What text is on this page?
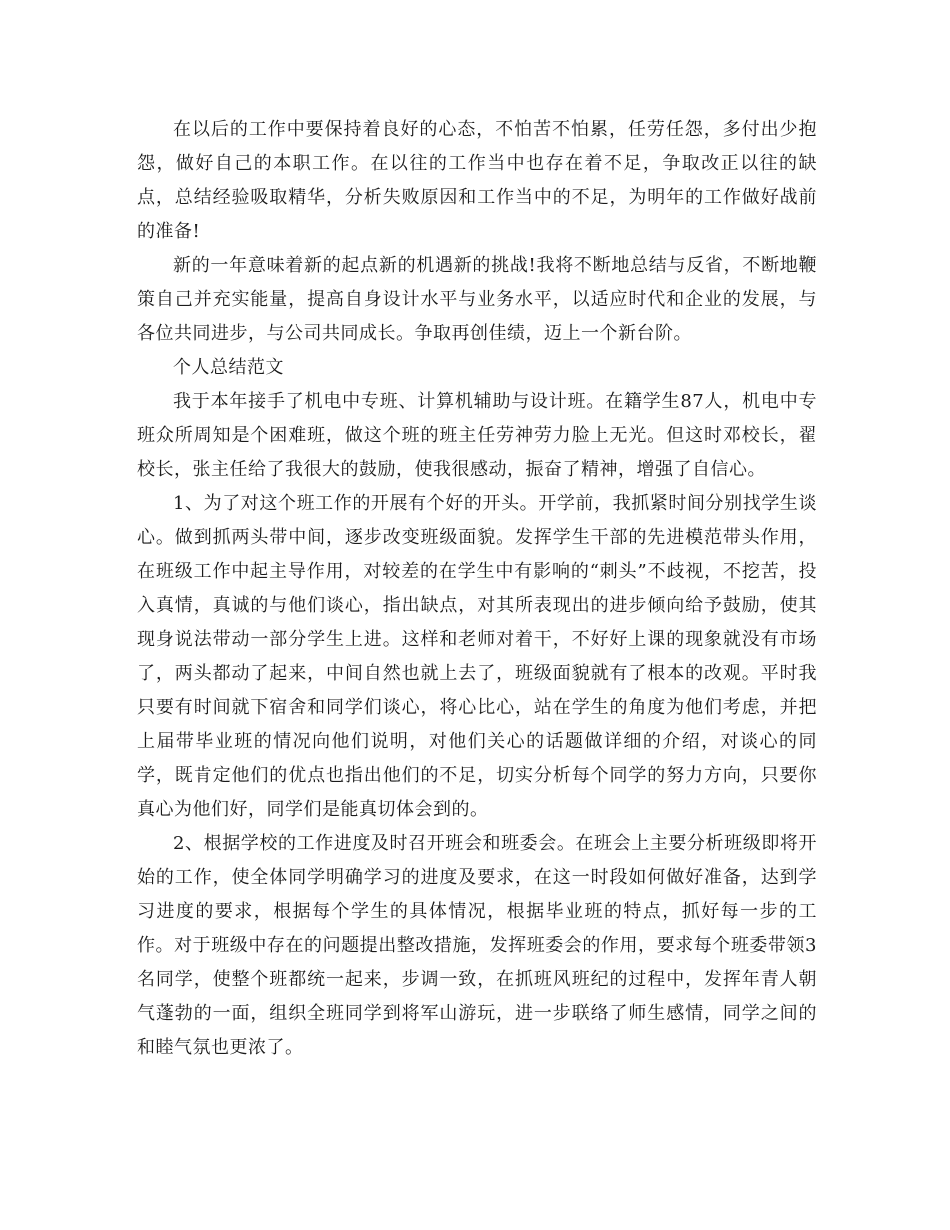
在以后的工作中要保持着良好的心态，不怕苦不怕累，任劳任怨，多付出少抱怨，做好自己的本职工作。在以往的工作当中也存在着不足，争取改正以往的缺点，总结经验吸取精华，分析失败原因和工作当中的不足，为明年的工作做好战前的准备!

新的一年意味着新的起点新的机遇新的挑战!我将不断地总结与反省，不断地鞭策自己并充实能量，提高自身设计水平与业务水平，以适应时代和企业的发展，与各位共同进步，与公司共同成长。争取再创佳绩，迈上一个新台阶。

个人总结范文

我于本年接手了机电中专班、计算机辅助与设计班。在籍学生87人，机电中专班众所周知是个困难班，做这个班的班主任劳神劳力脸上无光。但这时邓校长，翟校长，张主任给了我很大的鼓励，使我很感动，振奋了精神，增强了自信心。

1、为了对这个班工作的开展有个好的开头。开学前，我抓紧时间分别找学生谈心。做到抓两头带中间，逐步改变班级面貌。发挥学生干部的先进模范带头作用，在班级工作中起主导作用，对较差的在学生中有影响的“刺头”不歧视，不挖苦，投入真情，真诚的与他们谈心，指出缺点，对其所表现出的进步倾向给予鼓励，使其现身说法带动一部分学生上进。这样和老师对着干，不好好上课的现象就没有市场了，两头都动了起来，中间自然也就上去了，班级面貌就有了根本的改观。平时我只要有时间就下宿舍和同学们谈心，将心比心，站在学生的角度为他们考虑，并把上届带毕业班的情况向他们说明，对他们关心的话题做详细的介绍，对谈心的同学，既肯定他们的优点也指出他们的不足，切实分析每个同学的努力方向，只要你真心为他们好，同学们是能真切体会到的。

2、根据学校的工作进度及时召开班会和班委会。在班会上主要分析班级即将开始的工作，使全体同学明确学习的进度及要求，在这一时段如何做好准备，达到学习进度的要求，根据每个学生的具体情况，根据毕业班的特点，抓好每一步的工作。对于班级中存在的问题提出整改措施，发挥班委会的作用，要求每个班委带领3名同学，使整个班都统一起来，步调一致，在抓班风班纪的过程中，发挥年青人朝气蓬勃的一面，组织全班同学到将军山游玩，进一步联络了师生感情，同学之间的和睦气氛也更浓了。
